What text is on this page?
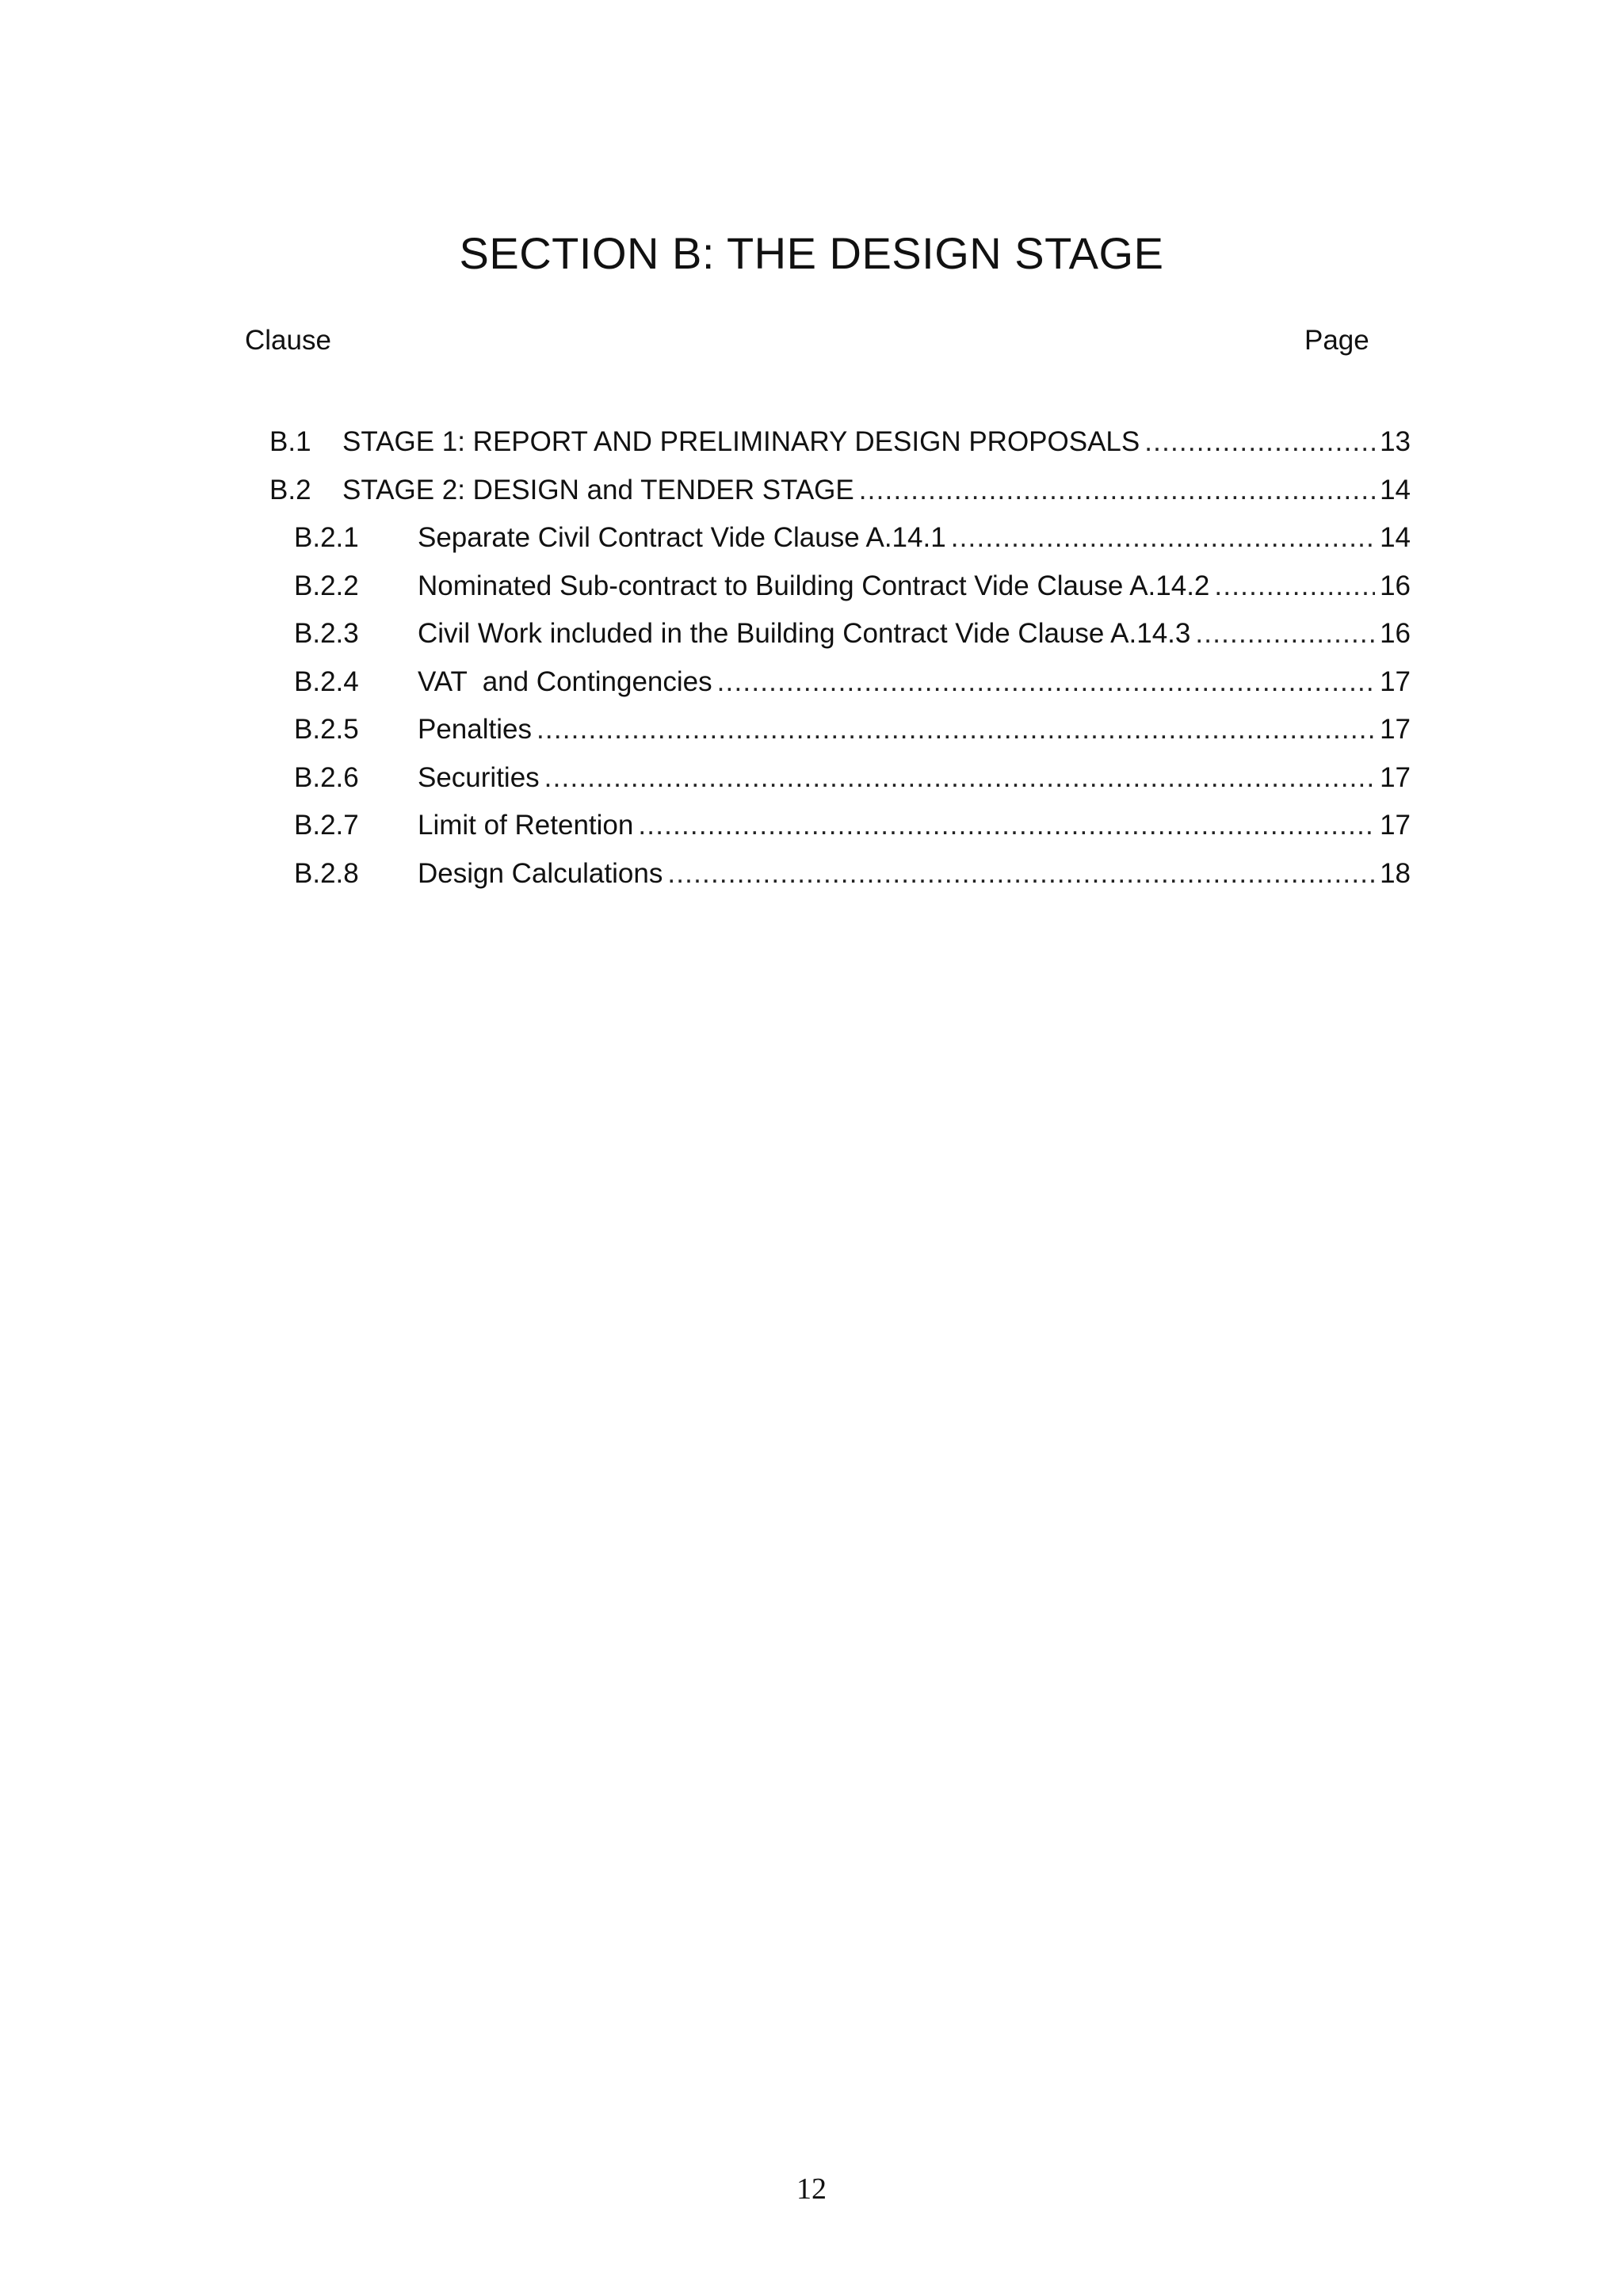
SECTION B: THE DESIGN STAGE
Clause	Page
B.1 STAGE 1: REPORT AND PRELIMINARY DESIGN PROPOSALS .....	13
B.2 STAGE 2: DESIGN and TENDER STAGE .....	14
B.2.1 Separate Civil Contract Vide Clause A.14.1 .....	14
B.2.2 Nominated Sub-contract to Building Contract Vide Clause A.14.2 .....	16
B.2.3 Civil Work included in the Building Contract Vide Clause A.14.3 .....	16
B.2.4 VAT  and Contingencies .....	17
B.2.5 Penalties .....	17
B.2.6 Securities .....	17
B.2.7 Limit of Retention .....	17
B.2.8 Design Calculations .....	18
12
